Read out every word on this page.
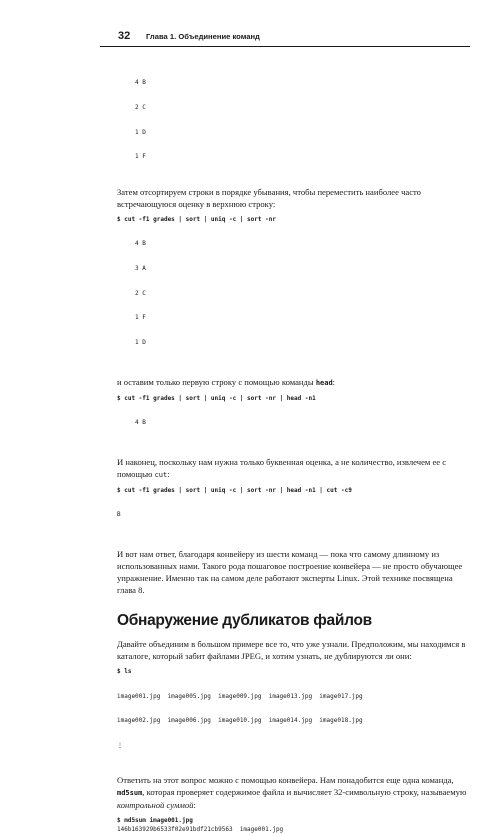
32 Глава 1. Объединение команд

4 B

2 C

1 D

1 F

Затем отсортируем строки в порядке убывания, чтобы переместить наиболее часто встречающуюся оценку в верхнюю строку:

$ cut -f1 grades | sort | uniq -c | sort -nr

4 B

3 A

2 C

1 F

1 D

и оставим только первую строку с помощью команды head:

$ cut -f1 grades | sort | uniq -c | sort -nr | head -n1

4 B

И наконец, поскольку нам нужна только буквенная оценка, а не количество, извлечем ее с помощью cut:

$ cut -f1 grades | sort | uniq -c | sort -nr | head -n1 | cut -c9

B

И вот нам ответ, благодаря конвейеру из шести команд — пока что самому длинному из использованных нами. Такого рода пошаговое построение конвейера — не просто обучающее упражнение. Именно так на самом деле работают эксперты Linux. Этой технике посвящена глава 8.

Обнаружение дубликатов файлов

Давайте объединим в большом примере все то, что уже узнали. Предположим, мы находимся в каталоге, который забит файлами JPEG, и хотим узнать, не дублируются ли они:

$ ls

image001.jpg  image005.jpg  image009.jpg  image013.jpg  image017.jpg

image002.jpg  image006.jpg  image010.jpg  image014.jpg  image018.jpg

⋮

Ответить на этот вопрос можно с помощью конвейера. Нам понадобится еще одна команда, md5sum, которая проверяет содержимое файла и вычисляет 32-символьную строку, называемую контрольной суммой:

$ md5sum image001.jpg
146b163929b6533f02e91bdf21cb9563  image001.jpg
